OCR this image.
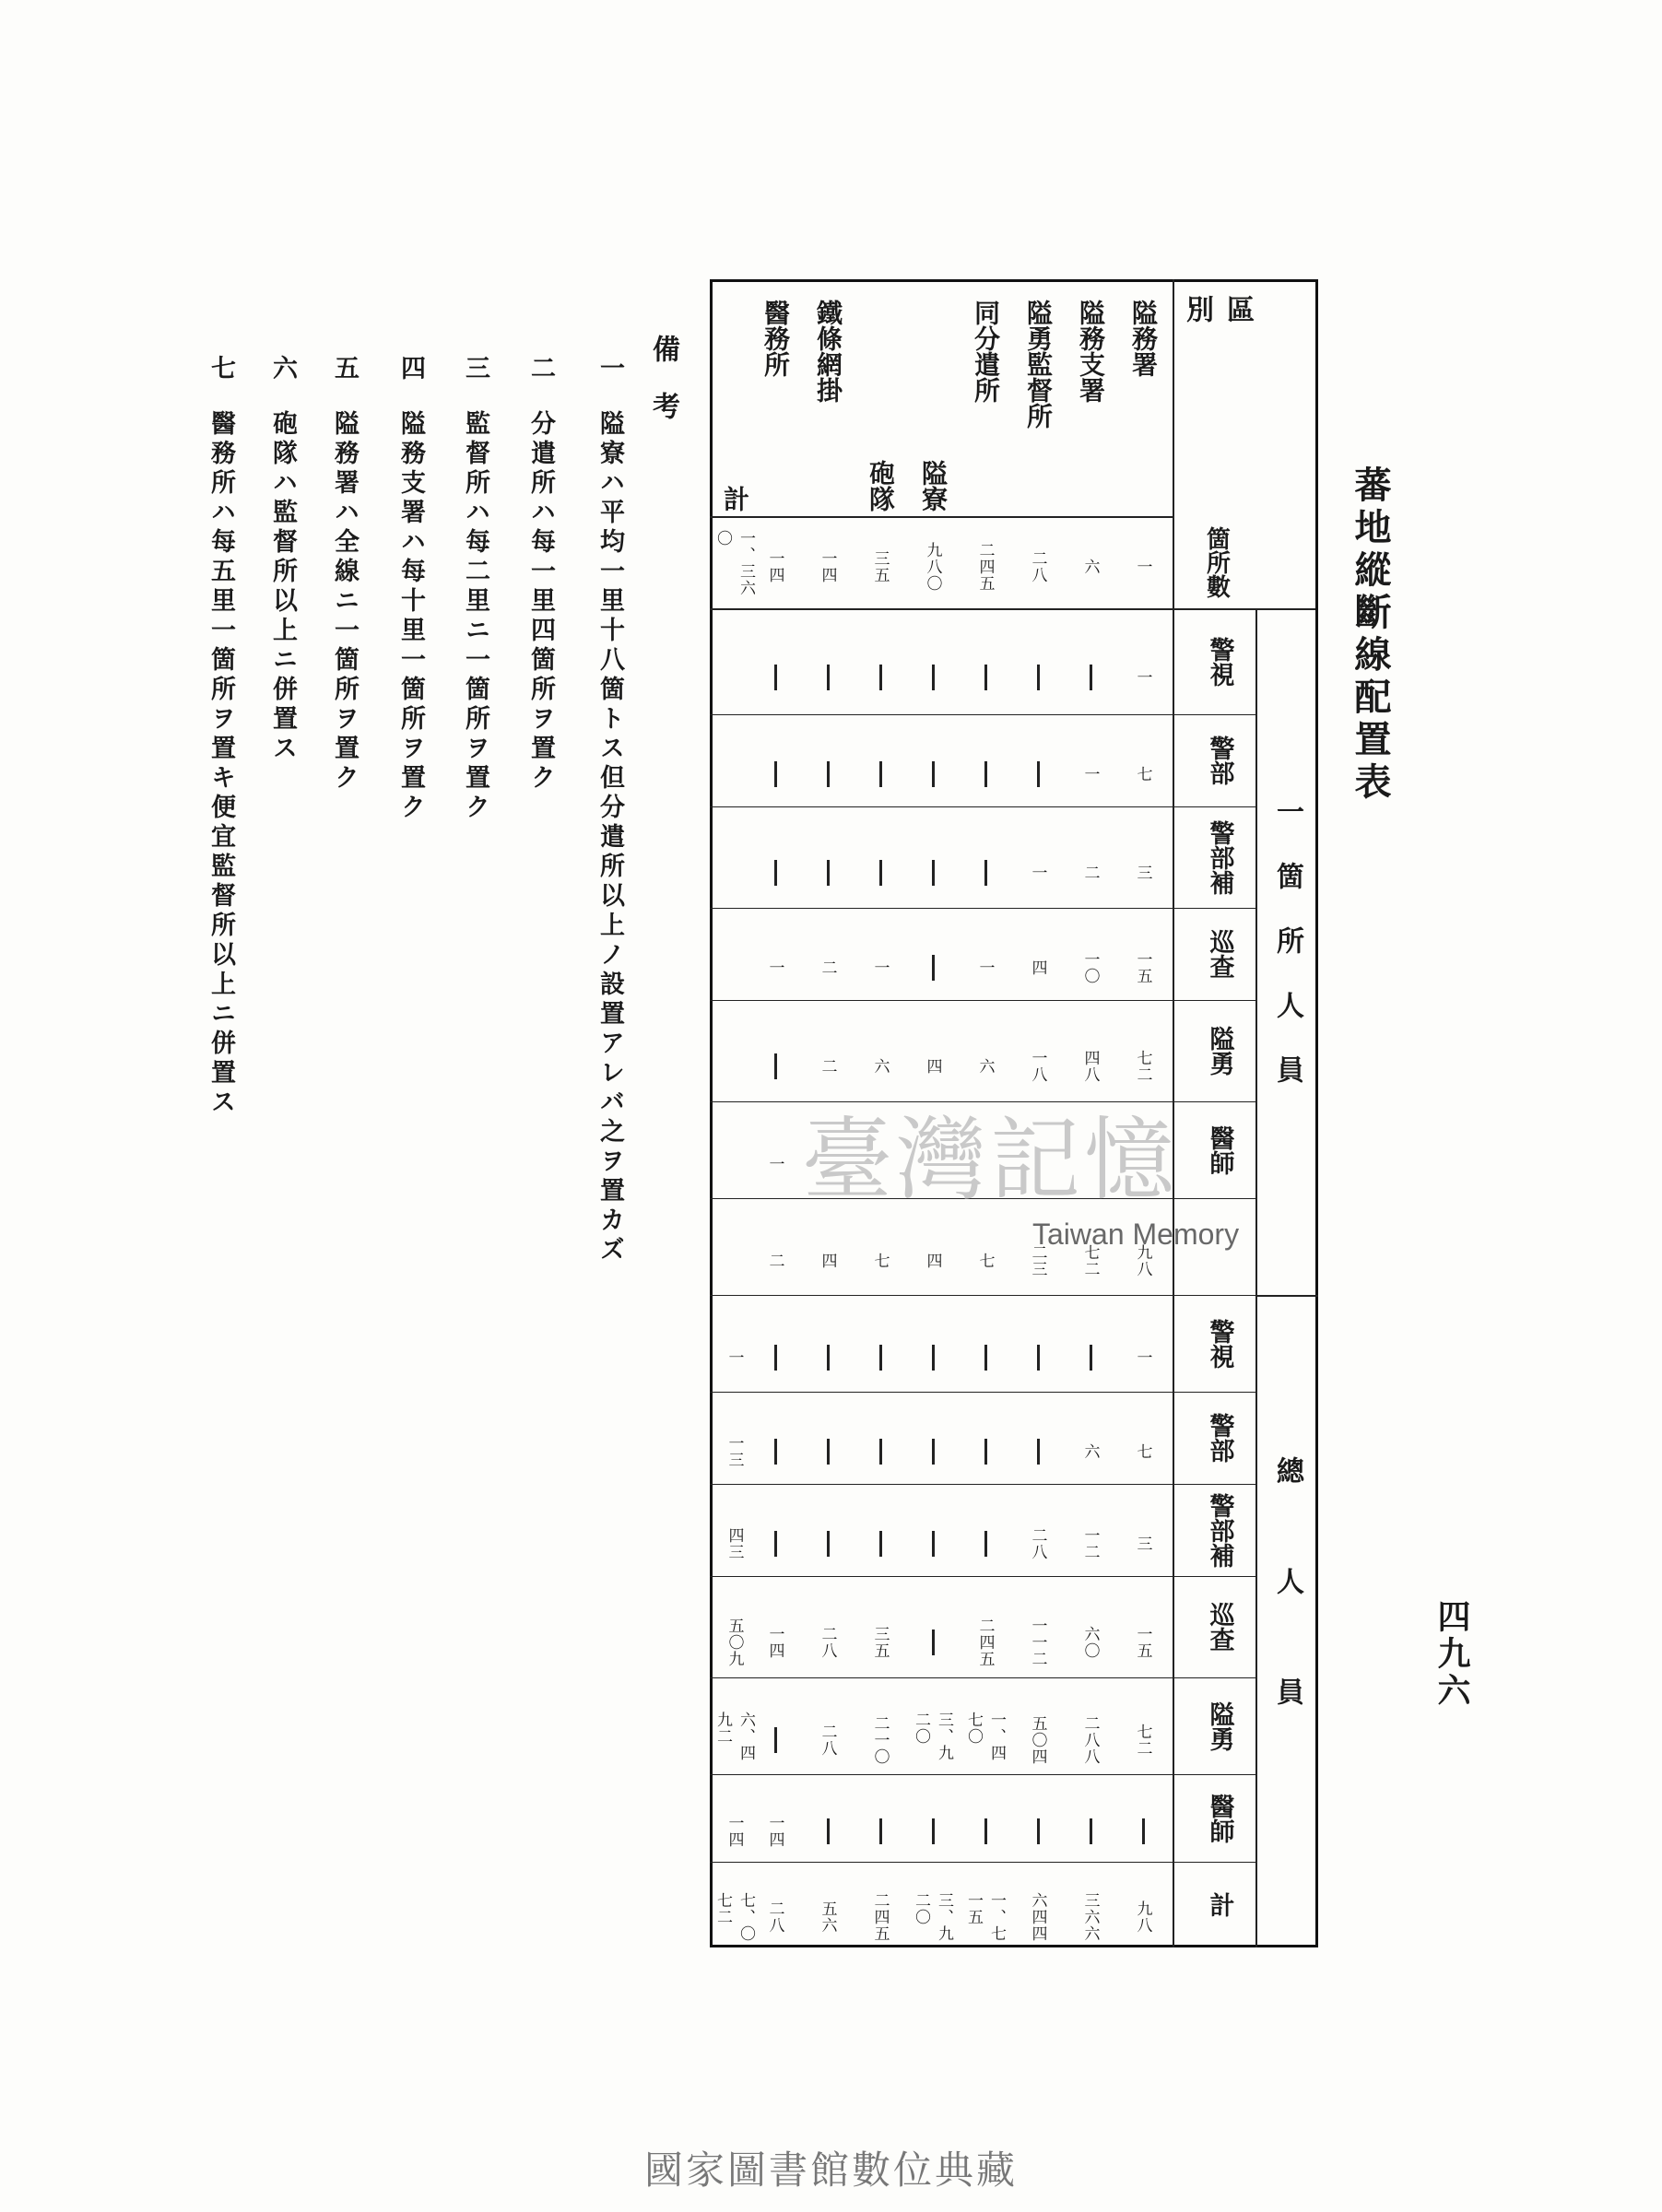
蕃地縱斷線配置表
四九六
區別
箇所數
一箇所人員
總人員
警視
警部
警部補
巡查
隘勇
醫師
警視
警部
警部補
巡查
隘勇
醫師
計
隘務署
一
一
七
三
一五
七二
九八
一
七
三
一五
七二
九八
隘務支署
六
一
二
一〇
四八
七二
六
一二
六〇
二八八
三六六
隘勇監督所
二八
一
四
一八
二三
二八
一一二
五〇四
六四四
同分遣所
二四五
一
六
七
二四五
一、四七〇
一、七一五
隘寮
九八〇
四
四
三、九二〇
三、九二〇
砲隊
三五
一
六
七
三五
二一〇
二四五
鐵條網掛
一四
二
二
四
二八
二八
五六
醫務所
一四
一
一
二
一四
一四
二八
計
一、三六〇
一
一三
四三
五〇九
六、四九二
一四
七、〇七二
備考
一
隘寮ハ平均一里十八箇トス但分遣所以上ノ設置アレバ之ヲ置カズ
二
分遣所ハ每一里四箇所ヲ置ク
三
監督所ハ每二里ニ一箇所ヲ置ク
四
隘務支署ハ每十里一箇所ヲ置ク
五
隘務署ハ全線ニ一箇所ヲ置ク
六
砲隊ハ監督所以上ニ併置ス
七
醫務所ハ每五里一箇所ヲ置キ便宜監督所以上ニ併置ス
臺灣記憶
Taiwan Memory
國家圖書館數位典藏
